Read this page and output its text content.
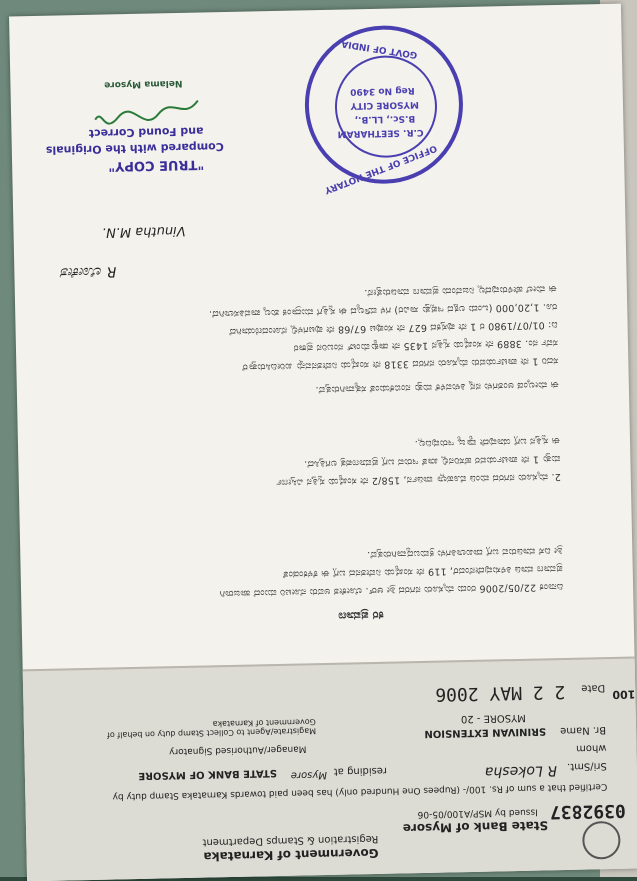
0392837
Issued by MSP/A100/05-06
Government of Karnataka
Registration & Stamps Department
State Bank of Mysore
Certified that a sum of Rs. 100/- (Rupees One Hundred only) has been paid towards Karnataka Stamp duty by
Sri/Smt.
R Lokesha
residing at
Mysore
STATE BANK OF MYSORE
whom
Br. Name
SRINIVAN EXTENSION
MYSORE - 20
Manager/Authorised Signatory
Magistrate/Agent to Collect Stamp duty on behalf of Government of Karnataka
Date
2 2 MAY 2006	100
ಕರ ಪ್ರಮಾಣ
ದಿನಾಂಕ 22/05/2006 ರಂದು ಮೈಸೂರು ನಗರದ ಶ್ರೀ ಆರ್. ಲೋಕೇಶ ಅವರು ನೋಟರಿ ಮುಂದೆ ಹಾಜರಾಗಿ
ಪ್ರಮಾಣ ಮಾಡಿ ತಿಳಿಸುವುದೇನೆಂದರೆ, 119 ನೇ ಸಂಖ್ಯೆಯ ನಿವೇಶನದ ಬಗ್ಗೆ ಈ ಕೆಳಕಂಡಂತೆ
ಶ್ರೀ ದಿಸೆ ಮಾಡಿರುವ ಬಗ್ಗೆ ದಾಖಲಾತಿಗಳು ಕ್ರಮಬದ್ಧವಾಗಿರುತ್ತವೆ.
2. ಮೈಸೂರು ನಗರದ ಮಂಡಿ ಮೊಹಲ್ಲಾ ವಾರ್ಡಿನ, 158/2 ನೇ ಸಂಖ್ಯೆಯ ಸ್ವತ್ತಿನ ವಿಸ್ತೀರ್ಣ
ಮತ್ತು 1 ನೇ ಪಾರ್ಟಿಯವರ ಹೆಸರಿನಲ್ಲಿ ಖಾತೆ ಇರುವ ಬಗ್ಗೆ ಪ್ರಮಾಣಪತ್ರ ಲಗತ್ತಿಸಿದೆ.
ಈ ಸ್ವತ್ತಿನ ಬಗ್ಗೆ ಯಾವುದೇ ವ್ಯಾಜ್ಯ ಇರುವುದಿಲ್ಲ.
ಈ ಮೇಲ್ಕಂಡ ಅಂಶಗಳು ನನ್ನ ತಿಳುವಳಿಕೆ ಮತ್ತು ನಂಬಿಕೆಯಂತೆ ಸತ್ಯವಾಗಿರುತ್ತವೆ.
ಸದರಿ 1 ನೇ ಪಾರ್ಟಿಯವರು ಮೈಸೂರು ನಗರದ 3318 ನೇ ಸಂಖ್ಯೆಯ ನಿವೇಶನವನ್ನು ಖರೀದಿಸಿರುತ್ತಾರೆ
ಸರ್ವೆ ನಂ. 3889 ನೇ ಸಂಖ್ಯೆಯ ಸ್ವತ್ತಿನ 1435 ನೇ ಡಾಕ್ಯುಮೆಂಟ್ ನಂಬರಿನ ಪ್ರಕಾರ
ದಿ: 01/07/1980 ರ 1 ನೇ ಪುಸ್ತಕದ 627 ನೇ ಸಂಪುಟ 67/68 ನೇ ಪುಟಗಳಲ್ಲಿ ನೋಂದಣಿಯಾಗಿದೆ
ರೂ. 1,20,000 (ಒಂದು ಲಕ್ಷದ ಇಪ್ಪತ್ತು ಸಾವಿರ) ಗಳ ಮೌಲ್ಯದ ಈ ಸ್ವತ್ತಿಗೆ ಮುದ್ರಾಂಕ ಶುಲ್ಕ ಪಾವತಿಸಲಾಗಿದೆ.
ಈ ಮೇಲೆ ಹೇಳಿರುವುದೆಲ್ಲ ನಿಜವೆಂದು ಪ್ರಮಾಣ ಮಾಡಿರುತ್ತೇನೆ.
R ಲೋಕೇಶ
Vinutha M.N.
OFFICE OF THE NOTARY
GOVT OF INDIA
C.R. SEETHARAM
B.Sc., LL.B.,
MYSORE CITY
Reg No 3490
"TRUE COPY"
Compared with the Originals
and Found Correct
Nelama Mysore
